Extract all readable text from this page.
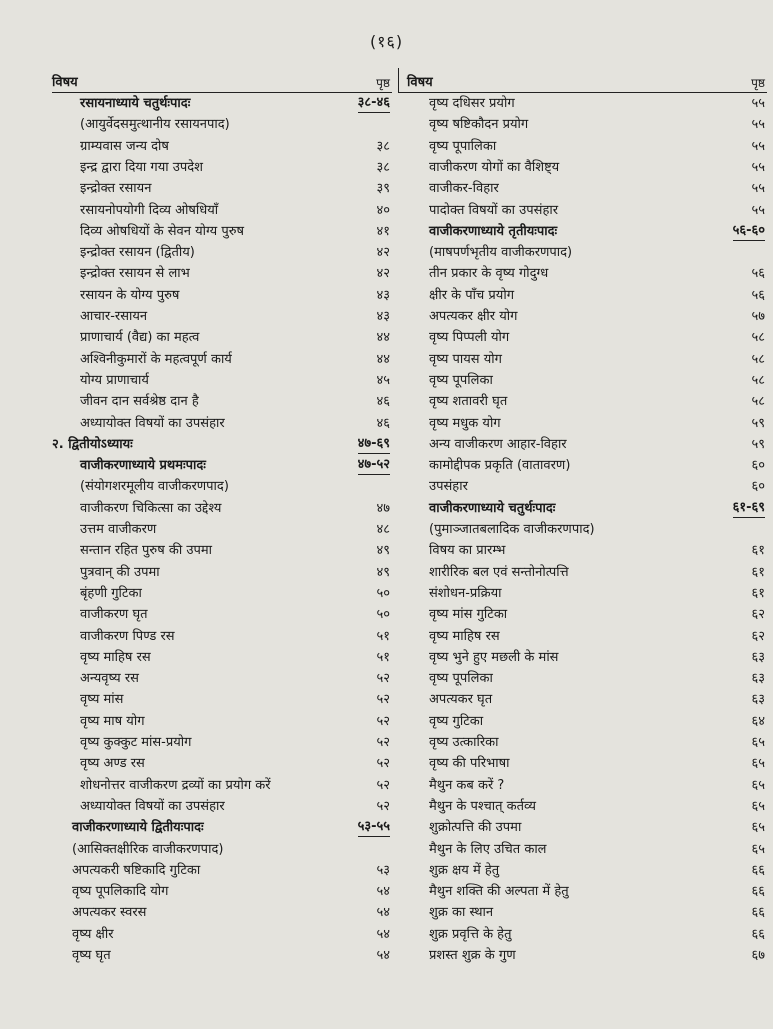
(१६)
विषय	पृष्ठ
रसायनाध्याये चतुर्थःपादः	३८-४६
(आयुर्वेदसमुत्थानीय रसायनपाद)
ग्राम्यवास जन्य दोष	३८
इन्द्र द्वारा दिया गया उपदेश	३८
इन्द्रोक्त रसायन	३९
रसायनोपयोगी दिव्य ओषधियाँ	४०
दिव्य ओषधियों के सेवन योग्य पुरुष	४१
इन्द्रोक्त रसायन (द्वितीय)	४२
इन्द्रोक्त रसायन से लाभ	४२
रसायन के योग्य पुरुष	४३
आचार-रसायन	४३
प्राणाचार्य (वैद्य) का महत्व	४४
अश्विनीकुमारों के महत्वपूर्ण कार्य	४४
योग्य प्राणाचार्य	४५
जीवन दान सर्वश्रेष्ठ दान है	४६
अध्यायोक्त विषयों का उपसंहार	४६
२. द्वितीयोऽध्यायः	४७-६९
वाजीकरणाध्याये प्रथमःपादः	४७-५२
(संयोगशरमूलीय वाजीकरणपाद)
वाजीकरण चिकित्सा का उद्देश्य	४७
उत्तम वाजीकरण	४८
सन्तान रहित पुरुष की उपमा	४९
पुत्रवान् की उपमा	४९
बृंहणी गुटिका	५०
वाजीकरण घृत	५०
वाजीकरण पिण्ड रस	५१
वृष्य माहिष रस	५१
अन्यवृष्य रस	५२
वृष्य मांस	५२
वृष्य माष योग	५२
वृष्य कुक्कुट मांस-प्रयोग	५२
वृष्य अण्ड रस	५२
शोधनोत्तर वाजीकरण द्रव्यों का प्रयोग करें	५२
अध्यायोक्त विषयों का उपसंहार	५२
वाजीकरणाध्याये द्वितीयःपादः	५३-५५
(आसिक्तक्षीरिक वाजीकरणपाद)
अपत्यकरी षष्टिकादि गुटिका	५३
वृष्य पूपलिकादि योग	५४
अपत्यकर स्वरस	५४
वृष्य क्षीर	५४
वृष्य घृत	५४
विषय	पृष्ठ
वृष्य दधिसर प्रयोग	५५
वृष्य षष्टिकौदन प्रयोग	५५
वृष्य पूपालिका	५५
वाजीकरण योगों का वैशिष्ट्य	५५
वाजीकर-विहार	५५
पादोक्त विषयों का उपसंहार	५५
वाजीकरणाध्याये तृतीयःपादः	५६-६०
(माषपर्णभृतीय वाजीकरणपाद)
तीन प्रकार के वृष्य गोदुग्ध	५६
क्षीर के पाँच प्रयोग	५६
अपत्यकर क्षीर योग	५७
वृष्य पिप्पली योग	५८
वृष्य पायस योग	५८
वृष्य पूपलिका	५८
वृष्य शतावरी घृत	५८
वृष्य मधुक योग	५९
अन्य वाजीकरण आहार-विहार	५९
कामोद्दीपक प्रकृति (वातावरण)	६०
उपसंहार	६०
वाजीकरणाध्याये चतुर्थःपादः	६१-६९
(पुमाञ्जातबलादिक वाजीकरणपाद)
विषय का प्रारम्भ	६१
शारीरिक बल एवं सन्तोनोत्पत्ति	६१
संशोधन-प्रक्रिया	६१
वृष्य मांस गुटिका	६२
वृष्य माहिष रस	६२
वृष्य भुने हुए मछली के मांस	६३
वृष्य पूपलिका	६३
अपत्यकर घृत	६३
वृष्य गुटिका	६४
वृष्य उत्कारिका	६५
वृष्य की परिभाषा	६५
मैथुन कब करें ?	६५
मैथुन के पश्चात् कर्तव्य	६५
शुक्रोत्पत्ति की उपमा	६५
मैथुन के लिए उचित काल	६५
शुक्र क्षय में हेतु	६६
मैथुन शक्ति की अल्पता में हेतु	६६
शुक्र का स्थान	६६
शुक्र प्रवृत्ति के हेतु	६६
प्रशस्त शुक्र के गुण	६७
